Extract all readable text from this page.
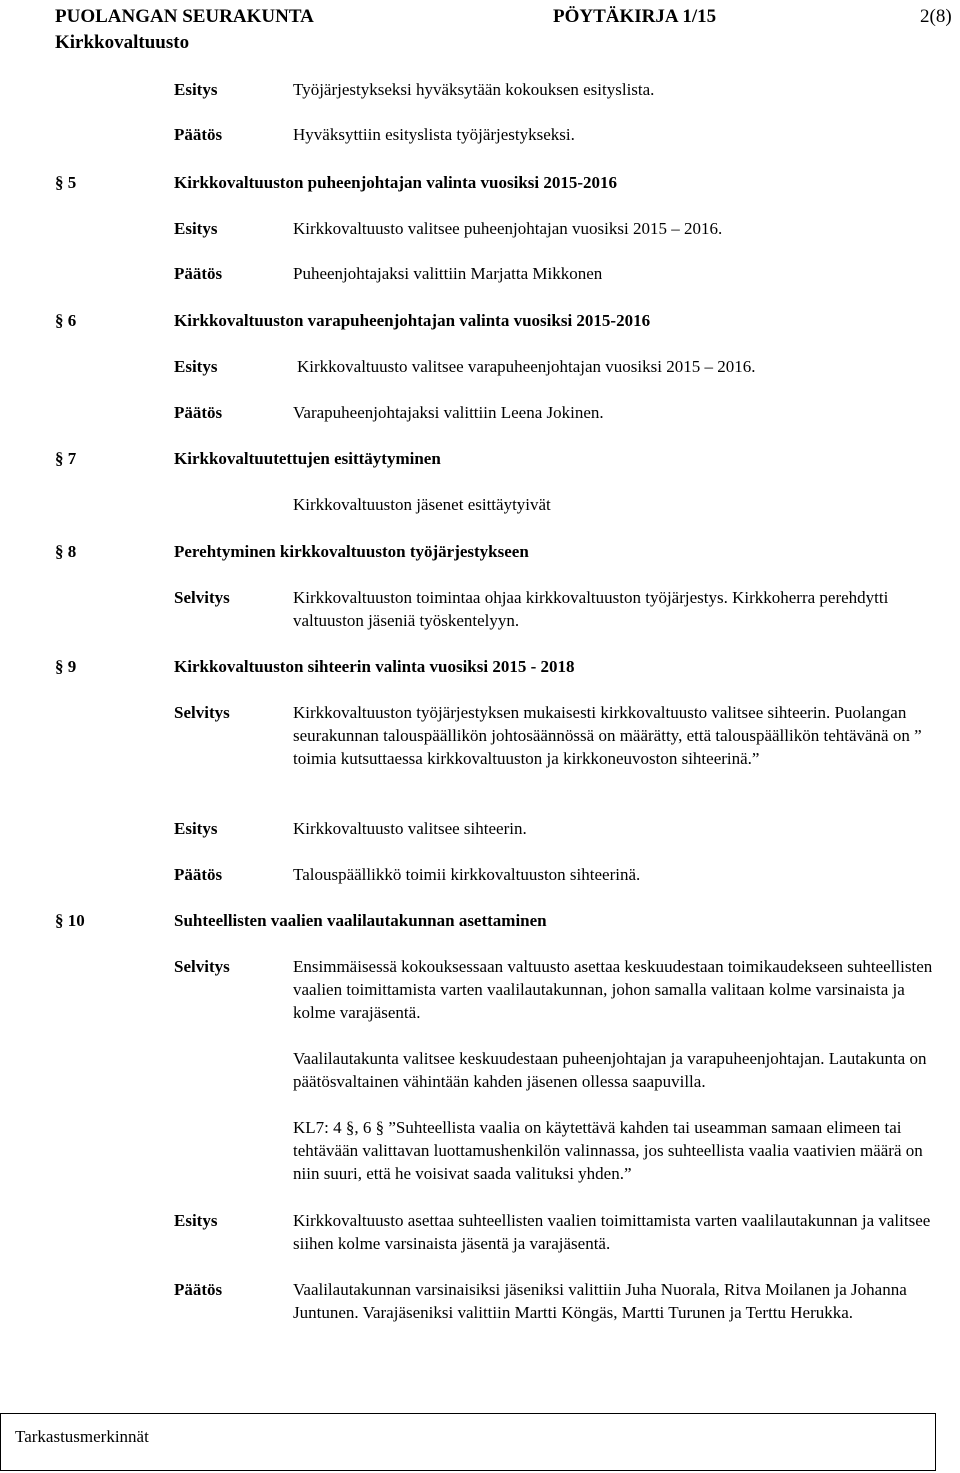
PUOLANGAN SEURAKUNTA	PÖYTÄKIRJA 1/15	2(8)
Kirkkovaltuusto
Esitys	Työjärjestykseksi hyväksytään kokouksen esityslista.
Päätös	Hyväksyttiin esityslista työjärjestykseksi.
§ 5	Kirkkovaltuuston puheenjohtajan valinta vuosiksi 2015-2016
Esitys	Kirkkovaltuusto valitsee puheenjohtajan vuosiksi 2015 – 2016.
Päätös	Puheenjohtajaksi valittiin Marjatta Mikkonen
§ 6	Kirkkovaltuuston varapuheenjohtajan valinta vuosiksi 2015-2016
Esitys	Kirkkovaltuusto valitsee varapuheenjohtajan vuosiksi 2015 – 2016.
Päätös	Varapuheenjohtajaksi valittiin Leena Jokinen.
§ 7	Kirkkovaltuutettujen esittäytyminen
Kirkkovaltuuston jäsenet esittäytyivät
§ 8	Perehtyminen kirkkovaltuuston työjärjestykseen
Selvitys	Kirkkovaltuuston toimintaa ohjaa kirkkovaltuuston työjärjestys. Kirkkoherra perehdytti valtuuston jäseniä työskentelyyn.
§ 9	Kirkkovaltuuston sihteerin valinta vuosiksi 2015 - 2018
Selvitys	Kirkkovaltuuston työjärjestyksen mukaisesti kirkkovaltuusto valitsee sihteerin. Puolangan seurakunnan talouspäällikön johtosäännössä on määrätty, että talouspäällikön tehtävänä on ” toimia kutsuttaessa kirkkovaltuuston ja kirkkoneuvoston sihteerinä.”
Esitys	Kirkkovaltuusto valitsee sihteerin.
Päätös	Talouspäällikkö toimii kirkkovaltuuston sihteerinä.
§ 10	Suhteellisten vaalien vaalilautakunnan asettaminen
Selvitys	Ensimmäisessä kokouksessaan valtuusto asettaa keskuudestaan toimikaudekseen suhteellisten vaalien toimittamista varten vaalilautakunnan, johon samalla valitaan kolme varsinaista ja kolme varajäsentä.
Vaalilautakunta valitsee keskuudestaan puheenjohtajan ja varapuheenjohtajan. Lautakunta on päätösvaltainen vähintään kahden jäsenen ollessa saapuvilla.
KL7: 4 §, 6 § ”Suhteellista vaalia on käytettävä kahden tai useamman samaan elimeen tai tehtävään valittavan luottamushenkilön valinnassa, jos suhteellista vaalia vaativien määrä on niin suuri, että he voisivat saada valituksi yhden.”
Esitys	Kirkkovaltuusto asettaa suhteellisten vaalien toimittamista varten vaalilautakunnan ja valitsee siihen kolme varsinaista jäsentä ja varajäsentä.
Päätös	Vaalilautakunnan varsinaisiksi jäseniksi valittiin Juha Nuorala, Ritva Moilanen ja Johanna Juntunen. Varajäseniksi valittiin Martti Köngäs, Martti Turunen ja Terttu Herukka.
Tarkastusmerkinnät
